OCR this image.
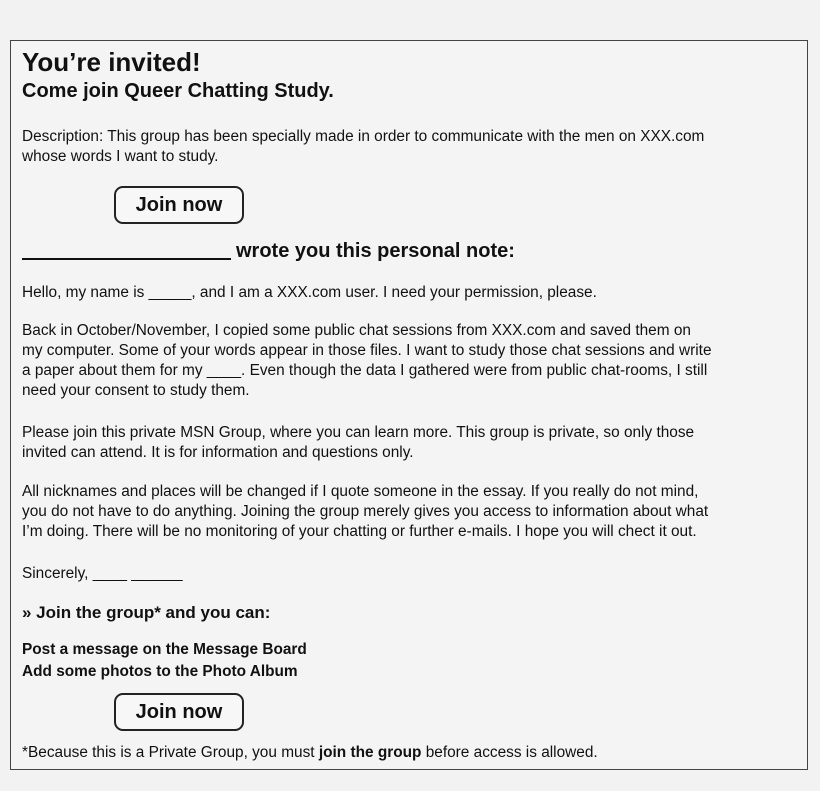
You’re invited!
Come join Queer Chatting Study.
Description: This group has been specially made in order to communicate with the men on XXX.com
whose words I want to study.
Join now
wrote you this personal note:
Hello, my name is _____, and I am a XXX.com user. I need your permission, please.
Back in October/November, I copied some public chat sessions from XXX.com and saved them on
my computer. Some of your words appear in those files. I want to study those chat sessions and write
a paper about them for my ____. Even though the data I gathered were from public chat-rooms, I still
need your consent to study them.
Please join this private MSN Group, where you can learn more. This group is private, so only those
invited can attend. It is for information and questions only.
All nicknames and places will be changed if I quote someone in the essay. If you really do not mind,
you do not have to do anything. Joining the group merely gives you access to information about what
I’m doing. There will be no monitoring of your chatting or further e-mails. I hope you will chect it out.
Sincerely, ____ ______
» Join the group* and you can:
Post a message on the Message Board
Add some photos to the Photo Album
Join now
*Because this is a Private Group, you must join the group before access is allowed.
